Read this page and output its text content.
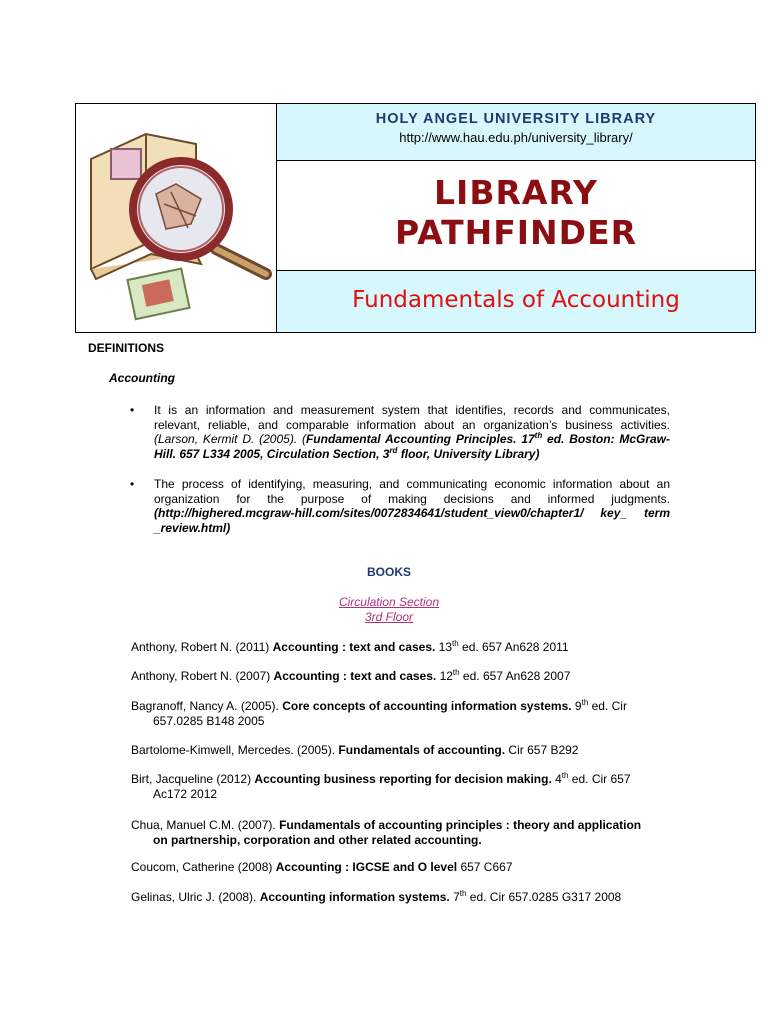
HOLY ANGEL UNIVERSITY LIBRARY
http://www.hau.edu.ph/university_library/
LIBRARY
PATHFINDER
Fundamentals of Accounting
DEFINITIONS
Accounting
•	It is an information and measurement system that identifies, records and communicates, relevant, reliable, and comparable information about an organization’s business activities. (Larson, Kermit D. (2005). (Fundamental Accounting Principles. 17th ed. Boston: McGraw-Hill. 657 L334 2005, Circulation Section, 3rd floor, University Library)
•	The process of identifying, measuring, and communicating economic information about an organization for the purpose of making decisions and informed judgments. (http://highered.mcgraw-hill.com/sites/0072834641/student_view0/chapter1/ key_ term _review.html)
BOOKS
Circulation Section
3rd Floor
Anthony, Robert N. (2011) Accounting : text and cases. 13th ed. 657 An628 2011
Anthony, Robert N. (2007) Accounting : text and cases. 12th ed. 657 An628 2007
Bagranoff, Nancy A. (2005). Core concepts of accounting information systems. 9th ed. Cir
657.0285 B148 2005
Bartolome-Kimwell, Mercedes. (2005). Fundamentals of accounting. Cir 657 B292
Birt, Jacqueline (2012) Accounting business reporting for decision making. 4th ed. Cir 657
Ac172 2012
Chua, Manuel C.M. (2007). Fundamentals of accounting principles : theory and application
on partnership, corporation and other related accounting.
Coucom, Catherine (2008) Accounting : IGCSE and O level 657 C667
Gelinas, Ulric J. (2008). Accounting information systems. 7th ed. Cir 657.0285 G317 2008
